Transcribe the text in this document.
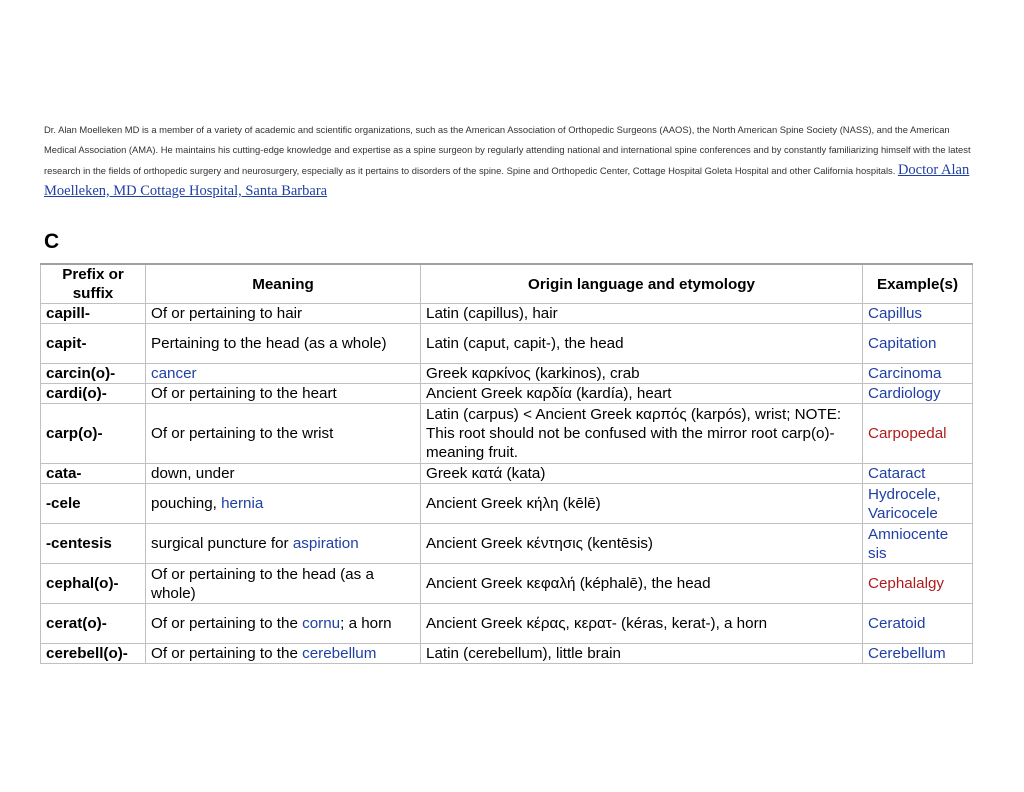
Dr. Alan Moelleken MD is a member of a variety of academic and scientific organizations, such as the American Association of Orthopedic Surgeons (AAOS), the North American Spine Society (NASS), and the American Medical Association (AMA). He maintains his cutting-edge knowledge and expertise as a spine surgeon by regularly attending national and international spine conferences and by constantly familiarizing himself with the latest research in the fields of orthopedic surgery and neurosurgery, especially as it pertains to disorders of the spine. Spine and Orthopedic Center, Cottage Hospital Goleta Hospital and other California hospitals. Doctor Alan Moelleken, MD Cottage Hospital, Santa Barbara
C
Prefix or suffix	Meaning	Origin language and etymology	Example(s)
capill-	Of or pertaining to hair	Latin (capillus), hair	Capillus
capit-	Pertaining to the head (as a whole)	Latin (caput, capit-), the head	Capitation
carcin(o)-	cancer	Greek καρκίνος (karkinos), crab	Carcinoma
cardi(o)-	Of or pertaining to the heart	Ancient Greek καρδία (kardía), heart	Cardiology
carp(o)-	Of or pertaining to the wrist	Latin (carpus) < Ancient Greek καρπός (karpós), wrist; NOTE: This root should not be confused with the mirror root carp(o)- meaning fruit.	Carpopedal
cata-	down, under	Greek κατά (kata)	Cataract
-cele	pouching, hernia	Ancient Greek κήλη (kēlē)	Hydrocele, Varicocele
-centesis	surgical puncture for aspiration	Ancient Greek κέντησις (kentēsis)	Amniocente sis
cephal(o)-	Of or pertaining to the head (as a whole)	Ancient Greek κεφαλή (képhalē), the head	Cephalalgy
cerat(o)-	Of or pertaining to the cornu; a horn	Ancient Greek κέρας, κερατ- (kéras, kerat-), a horn	Ceratoid
cerebell(o)-	Of or pertaining to the cerebellum	Latin (cerebellum), little brain	Cerebellum
